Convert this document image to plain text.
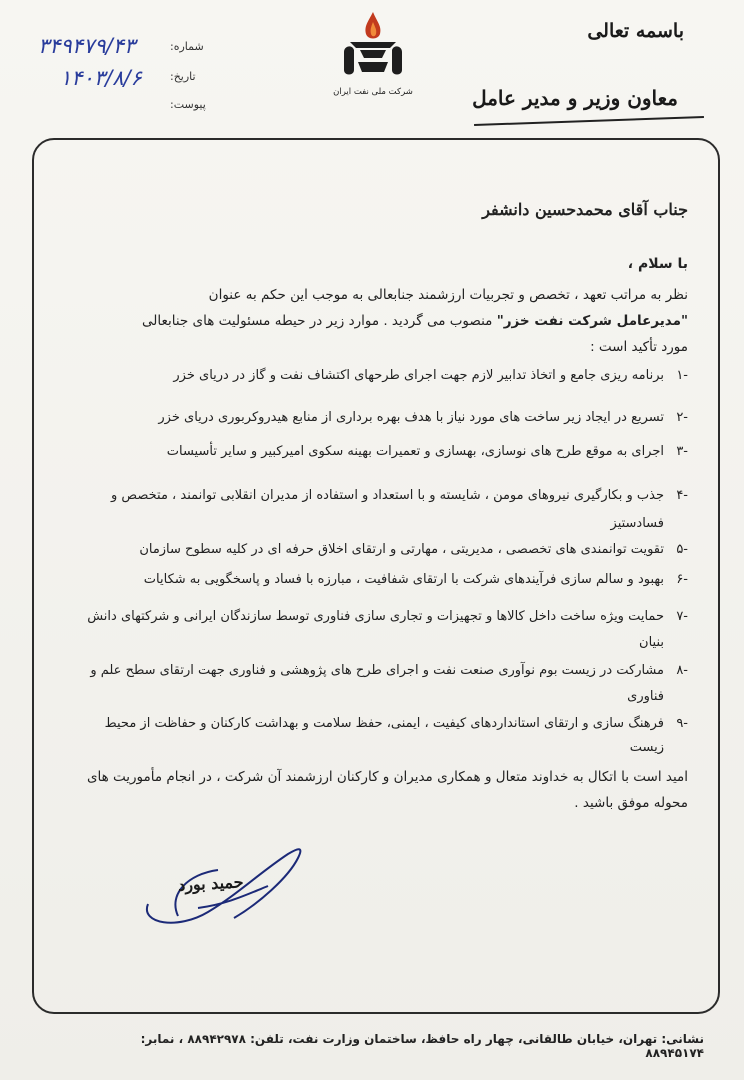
باسمه تعالی
معاون وزیر و مدیر عامل
شرکت ملی نفت ایران
شماره:
تاریخ:
پیوست:
۳۴۹۴۷۹/۴۳
۱۴۰۳/۸/۶
جناب آقای محمدحسین دانشفر
با سلام ،
نظر به مراتب تعهد ، تخصص و تجربیات ارزشمند جنابعالی به موجب این حکم به عنوان
"مدیرعامل شرکت نفت خزر" منصوب می گردید . موارد زیر در حیطه مسئولیت های جنابعالی
مورد تأکید است :
-۱
برنامه ریزی جامع و اتخاذ تدابیر لازم جهت اجرای طرحهای اکتشاف نفت و گاز در دریای خزر
-۲
تسریع در ایجاد زیر ساخت های مورد نیاز با هدف بهره برداری از منابع هیدروکربوری دریای خزر
-۳
اجرای به موقع طرح های نوسازی، بهسازی و تعمیرات بهینه سکوی امیرکبیر و سایر تأسیسات
-۴
جذب و بکارگیری نیروهای مومن ، شایسته و با استعداد و استفاده از مدیران انقلابی توانمند ، متخصص و فسادستیز
-۵
تقویت توانمندی های تخصصی ، مدیریتی ، مهارتی و ارتقای اخلاق حرفه ای در کلیه سطوح سازمان
-۶
بهبود و سالم سازی فرآیندهای شرکت با ارتقای شفافیت ، مبارزه با فساد و پاسخگویی به شکایات
-۷
حمایت ویژه ساخت داخل کالاها و تجهیزات و تجاری سازی فناوری توسط سازندگان ایرانی و شرکتهای دانش بنیان
-۸
مشارکت در زیست بوم نوآوری صنعت نفت و اجرای طرح های پژوهشی و فناوری جهت ارتقای سطح علم و فناوری
-۹
فرهنگ سازی و ارتقای استانداردهای کیفیت ، ایمنی، حفظ سلامت و بهداشت کارکنان و حفاظت از محیط زیست
امید است با اتکال به خداوند متعال و همکاری مدیران و کارکنان ارزشمند آن شرکت ، در انجام مأموریت های محوله موفق باشید .
حمید بورد
نشانی: تهران، خیابان طالقانی، چهار راه حافظ، ساختمان وزارت نفت، تلفن: ۸۸۹۴۲۹۷۸ ، نمابر: ۸۸۹۴۵۱۷۴
